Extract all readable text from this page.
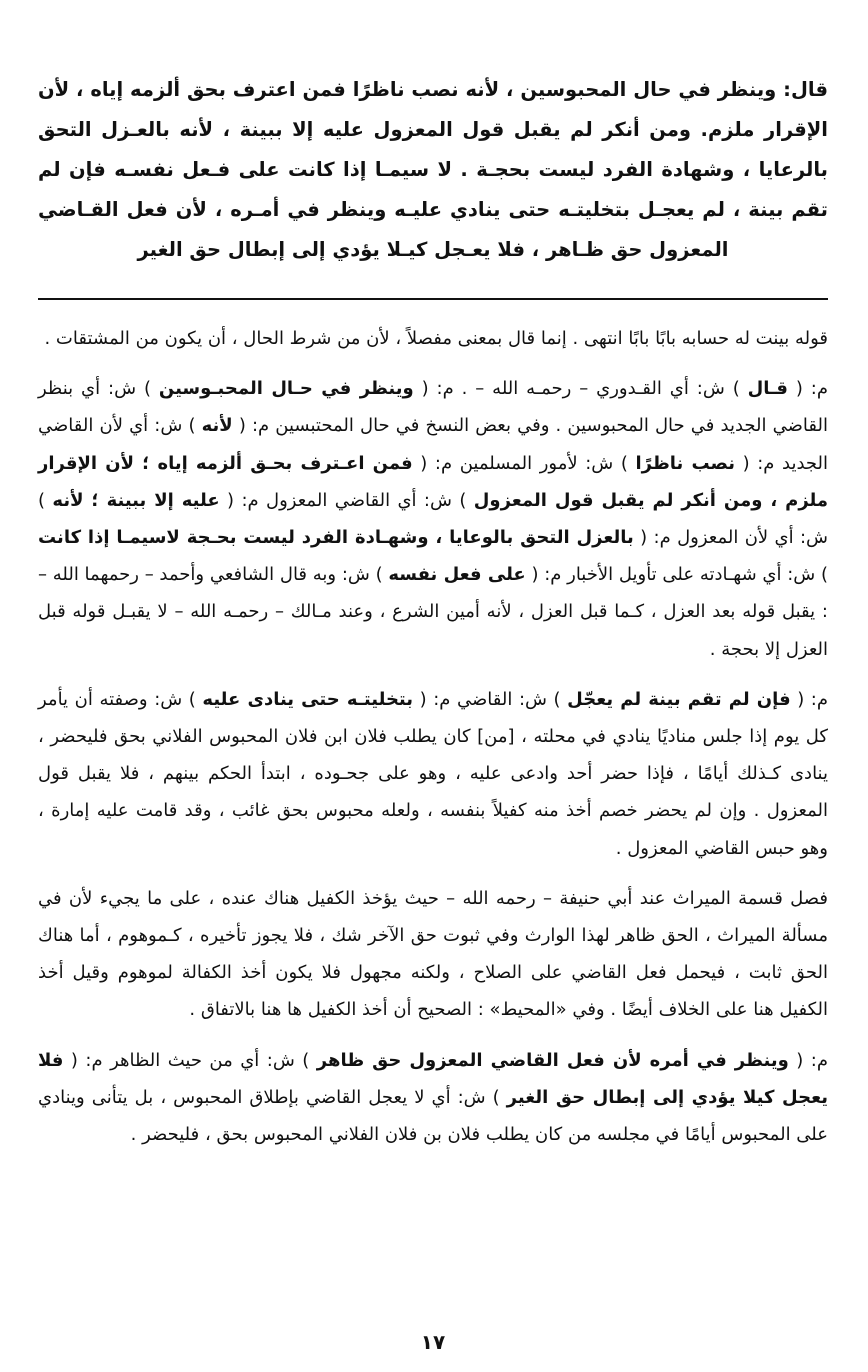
قال: وينظر في حال المحبوسين ، لأنه نصب ناظرًا فمن اعترف بحق ألزمه إياه ، لأن الإقرار ملزم. ومن أنكر لم يقبل قول المعزول عليه إلا ببينة ، لأنه بالعـزل التحق بالرعايا ، وشهادة الفرد ليست بحجـة . لا سيمـا إذا كانت على فـعل نفسـه فإن لم تقم بينة ، لم يعجـل بتخليتـه حتى ينادي عليـه وينظر في أمـره ، لأن فعل القـاضي المعزول حق ظـاهر ، فلا يعـجل كيـلا يؤدي إلى إبطال حق الغير

قوله بينت له حسابه بابًا بابًا انتهى . إنما قال بمعنى مفصلاً ، لأن من شرط الحال ، أن يكون من المشتقات .

م: ( قـال ) ش: أي القـدوري – رحمـه الله – . م: ( وينظر في حـال المحبـوسين ) ش: أي بنظر القاضي الجديد في حال المحبوسين . وفي بعض النسخ في حال المحتبسين م: ( لأنه ) ش: أي لأن القاضي الجديد م: ( نصب ناظرًا ) ش: لأمور المسلمين م: ( فمن اعـترف بحـق ألزمه إياه ؛ لأن الإقرار ملزم ، ومن أنكر لم يقبل قول المعزول ) ش: أي القاضي المعزول م: ( عليه إلا ببينة ؛ لأنه ) ش: أي لأن المعزول م: ( بالعزل التحق بالوعايا ، وشهـادة الفرد ليست بحـجة لاسيمـا إذا كانت ) ش: أي شهـادته على تأويل الأخبار م: ( على فعل نفسه ) ش: وبه قال الشافعي وأحمد – رحمهما الله – : يقبل قوله بعد العزل ، كـما قبل العزل ، لأنه أمين الشرع ، وعند مـالك – رحمـه الله – لا يقبـل قوله قبل العزل إلا بحجة .

م: ( فإن لم تقم بينة لم يعجّل ) ش: القاضي م: ( بتخليتـه حتى ينادى عليه ) ش: وصفته أن يأمر كل يوم إذا جلس مناديًا ينادي في محلته ، [من] كان يطلب فلان ابن فلان المحبوس الفلاني بحق فليحضر ، ينادى كـذلك أيامًا ، فإذا حضر أحد وادعى عليه ، وهو على جحـوده ، ابتدأ الحكم بينهم ، فلا يقبل قول المعزول . وإن لم يحضر خصم أخذ منه كفيلاً بنفسه ، ولعله محبوس بحق غائب ، وقد قامت عليه إمارة ، وهو حبس القاضي المعزول .

فصل قسمة الميراث عند أبي حنيفة – رحمه الله – حيث يؤخذ الكفيل هناك عنده ، على ما يجيء لأن في مسألة الميراث ، الحق ظاهر لهذا الوارث وفي ثبوت حق الآخر شك ، فلا يجوز تأخيره ، كـموهوم ، أما هناك الحق ثابت ، فيحمل فعل القاضي على الصلاح ، ولكنه مجهول فلا يكون أخذ الكفالة لموهوم وقيل أخذ الكفيل هنا على الخلاف أيضًا . وفي «المحيط» : الصحيح أن أخذ الكفيل ها هنا بالاتفاق .

م: ( وينظر في أمره لأن فعل القاضي المعزول حق ظاهر ) ش: أي من حيث الظاهر م: ( فلا يعجل كيلا يؤدي إلى إبطال حق الغير ) ش: أي لا يعجل القاضي بإطلاق المحبوس ، بل يتأنى وينادي على المحبوس أيامًا في مجلسه من كان يطلب فلان بن فلان الفلاني المحبوس بحق ، فليحضر .

١٧
